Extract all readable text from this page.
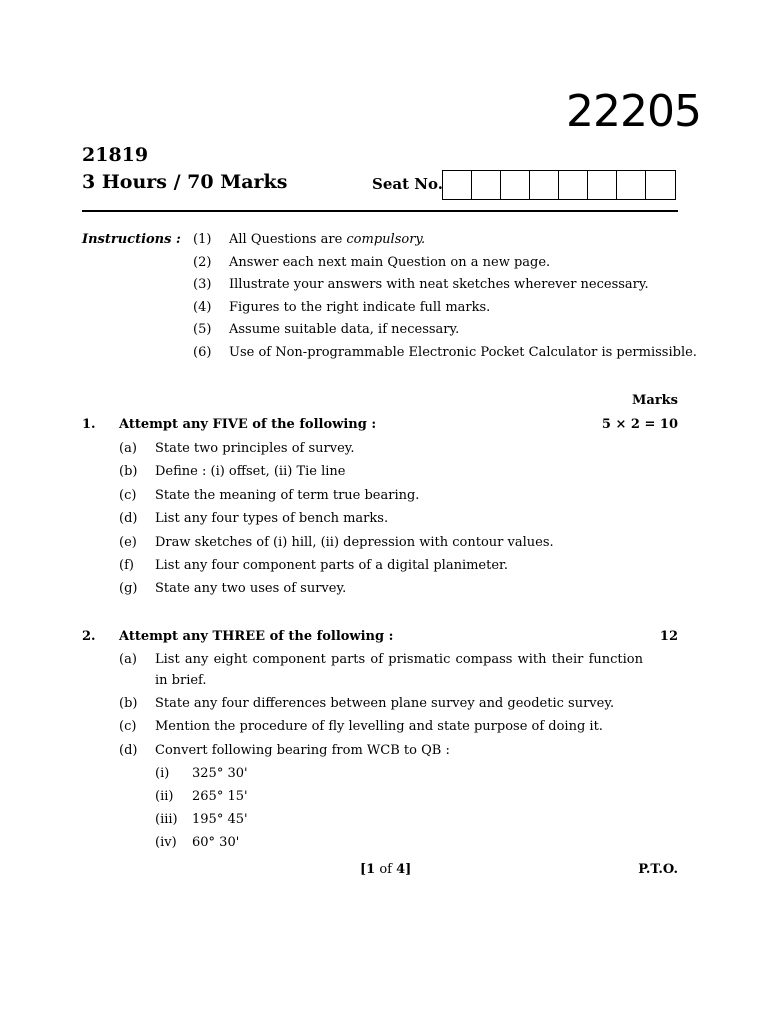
22205
21819
3 Hours / 70 Marks	Seat No.
Instructions : (1) All Questions are compulsory.
(2) Answer each next main Question on a new page.
(3) Illustrate your answers with neat sketches wherever necessary.
(4) Figures to the right indicate full marks.
(5) Assume suitable data, if necessary.
(6) Use of Non-programmable Electronic Pocket Calculator is permissible.
Marks
1. Attempt any FIVE of the following :	5 × 2 = 10
(a) State two principles of survey.
(b) Define : (i) offset, (ii) Tie line
(c) State the meaning of term true bearing.
(d) List any four types of bench marks.
(e) Draw sketches of (i) hill, (ii) depression with contour values.
(f) List any four component parts of a digital planimeter.
(g) State any two uses of survey.
2. Attempt any THREE of the following :	12
(a) List any eight component parts of prismatic compass with their function in brief.
(b) State any four differences between plane survey and geodetic survey.
(c) Mention the procedure of fly levelling and state purpose of doing it.
(d) Convert following bearing from WCB to QB :
(i) 325° 30'
(ii) 265° 15'
(iii) 195° 45'
(iv) 60° 30'
[1 of 4]	P.T.O.
